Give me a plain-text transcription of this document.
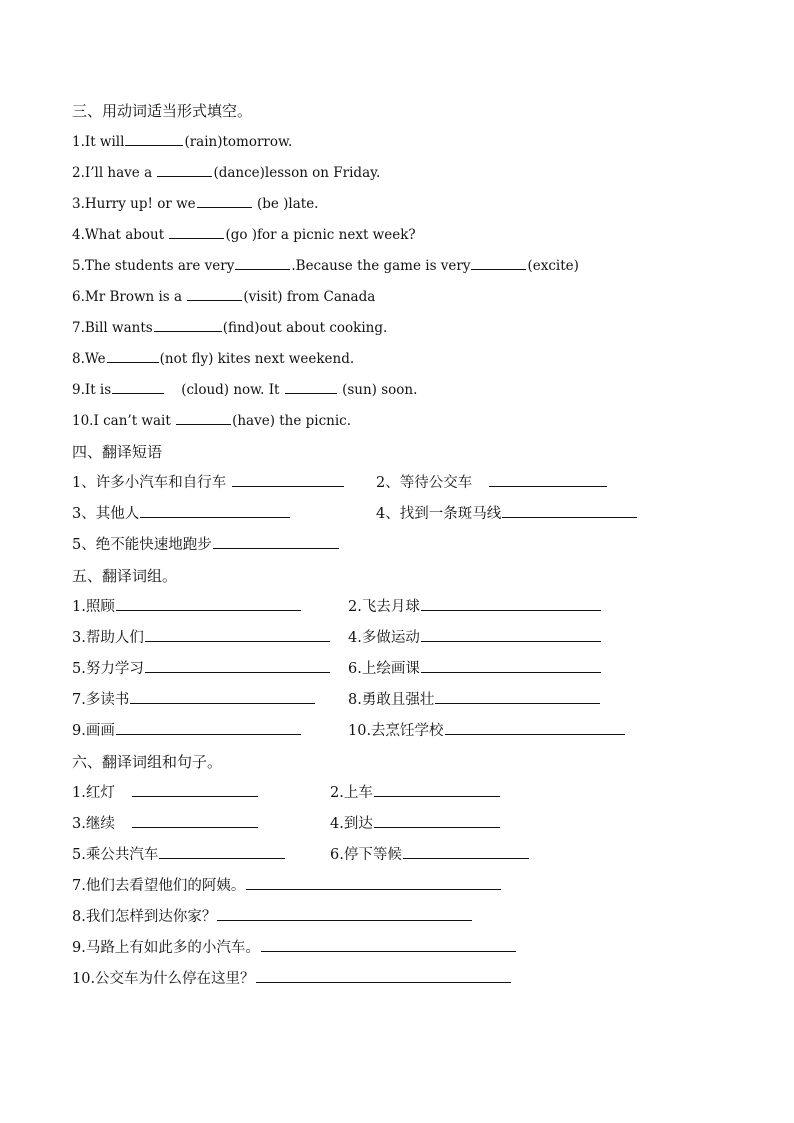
三、用动词适当形式填空。
1.It will	(rain)tomorrow.
2.I’ll have a	(dance)lesson on Friday.
3.Hurry up! or we	(be )late.
4.What about	(go )for a picnic next week?
5.The students are very	.Because the game is very	(excite)
6.Mr Brown is a	(visit) from Canada
7.Bill wants	(find)out about cooking.
8.We	(not fly) kites next weekend.
9.It is	(cloud) now. It	(sun) soon.
10.I can’t wait	(have) the picnic.
四、翻译短语
1、许多小汽车和自行车	2、等待公交车
3、其他人	4、找到一条斑马线
5、绝不能快速地跑步
五、翻译词组。
1.照顾	2.飞去月球
3.帮助人们	4.多做运动
5.努力学习	6.上绘画课
7.多读书	8.勇敢且强壮
9.画画	10.去烹饪学校
六、翻译词组和句子。
1.红灯	2.上车
3.继续	4.到达
5.乘公共汽车	6.停下等候
7.他们去看望他们的阿姨。
8.我们怎样到达你家？
9.马路上有如此多的小汽车。
10.公交车为什么停在这里？
